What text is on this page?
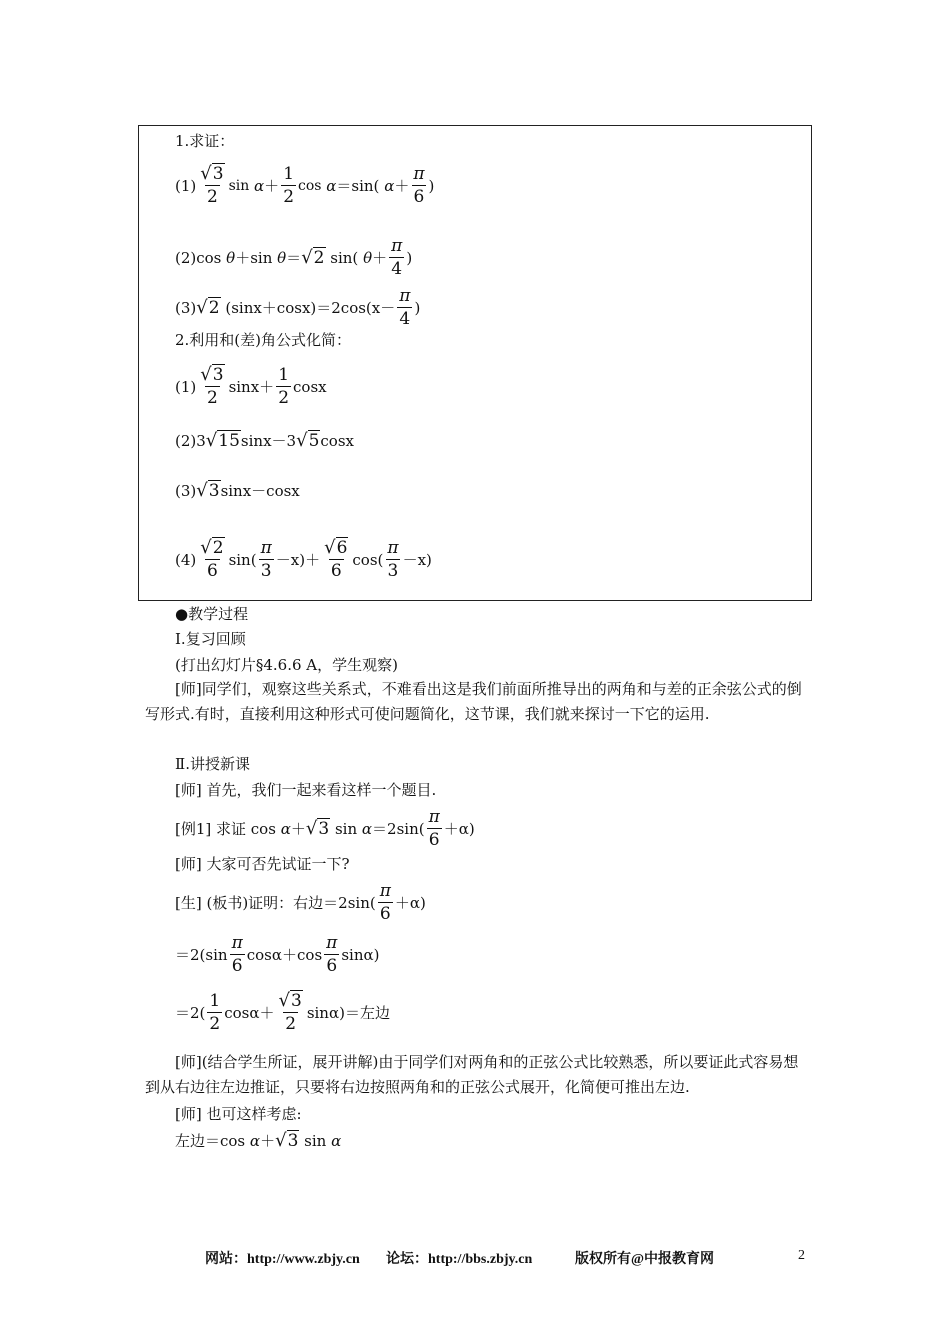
1.求证：
$(1) \frac{√ 3}{2}$ sin
$\alpha + \frac{1}{2}$ cos
α ＝sin(
$\alpha + \frac{\pi}{6}$ )
(2)cos
θ ＋sin
θ ＝ √ 2
sin(
$\theta + \frac{\pi}{4}$ )
(3) √ 2
$(\sin x+\cos x)=2\cos(x- \frac{\pi}{4}$ )
2.利用和(差)角公式化简：
$(1) \frac{√ 3}{2} \sin x+ \frac{1}{2}$ cosx
(2)3 √ 15 sinx－3 √ 5 cosx
(3) √ 3 sinx－cosx
$(4) \frac{√ 2}{6} \sin( \frac{\pi}{3} -x)+ \frac{√ 6}{6} \cos( \frac{\pi}{3} -x)$
●教学过程
Ⅰ.复习回顾
(打出幻灯片§4.6.6 A，学生观察)
[师]同学们，观察这些关系式，不难看出这是我们前面所推导出的两角和与差的正余弦公式的倒写形式.有时，直接利用这种形式可使问题简化，这节课，我们就来探讨一下它的运用.
Ⅱ.讲授新课
[师] 首先，我们一起来看这样一个题目.
[例1] 求证 cos
α ＋ √ 3
sin
$\alpha =2\sin( \frac{\pi}{6} +\alpha)$
[师] 大家可否先试证一下?
[生] (板书)证明：右边$=2\sin( \frac{\pi}{6} +\alpha)$
$=2(\sin \frac{\pi}{6} \cos\alpha+\cos \frac{\pi}{6} \sin\alpha)$
$=2( \frac{1}{2} \cos\alpha+ \frac{√ 3}{2} \sin\alpha)=$左边
[师](结合学生所证，展开讲解)由于同学们对两角和的正弦公式比较熟悉，所以要证此式容易想到从右边往左边推证，只要将右边按照两角和的正弦公式展开，化简便可推出左边.
[师] 也可这样考虑:
左边＝cos
α ＋ √ 3
sin
α
网站：http://www.zbjy.cn 论坛：http://bbs.zbjy.cn	版权所有@中报教育网	2
